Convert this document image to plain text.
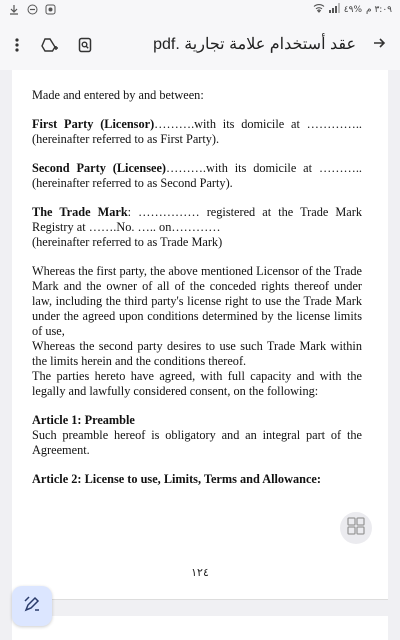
٣:٠٩ م
%٤٩
عقد أستخدام علامة تجارية .pdf

Made and entered by and between:

First Party (Licensor)……….with its domicile at …………..(hereinafter referred to as First Party).

Second Party (Licensee)……….with its domicile at ………..(hereinafter referred to as Second Party).

The Trade Mark: …………… registered at the Trade Mark Registry at …….No. ….. on…………
(hereinafter referred to as Trade Mark)

Whereas the first party, the above mentioned Licensor of the Trade Mark and the owner of all of the conceded rights thereof under law, including the third party's license right to use the Trade Mark under the agreed upon conditions determined by the license limits of use,
Whereas the second party desires to use such Trade Mark within the limits herein and the conditions thereof.
The parties hereto have agreed, with full capacity and with the legally and lawfully considered consent, on the following:

Article 1: Preamble
Such preamble hereof is obligatory and an integral part of the Agreement.

Article 2: License to use, Limits, Terms and Allowance:

١٢٤
